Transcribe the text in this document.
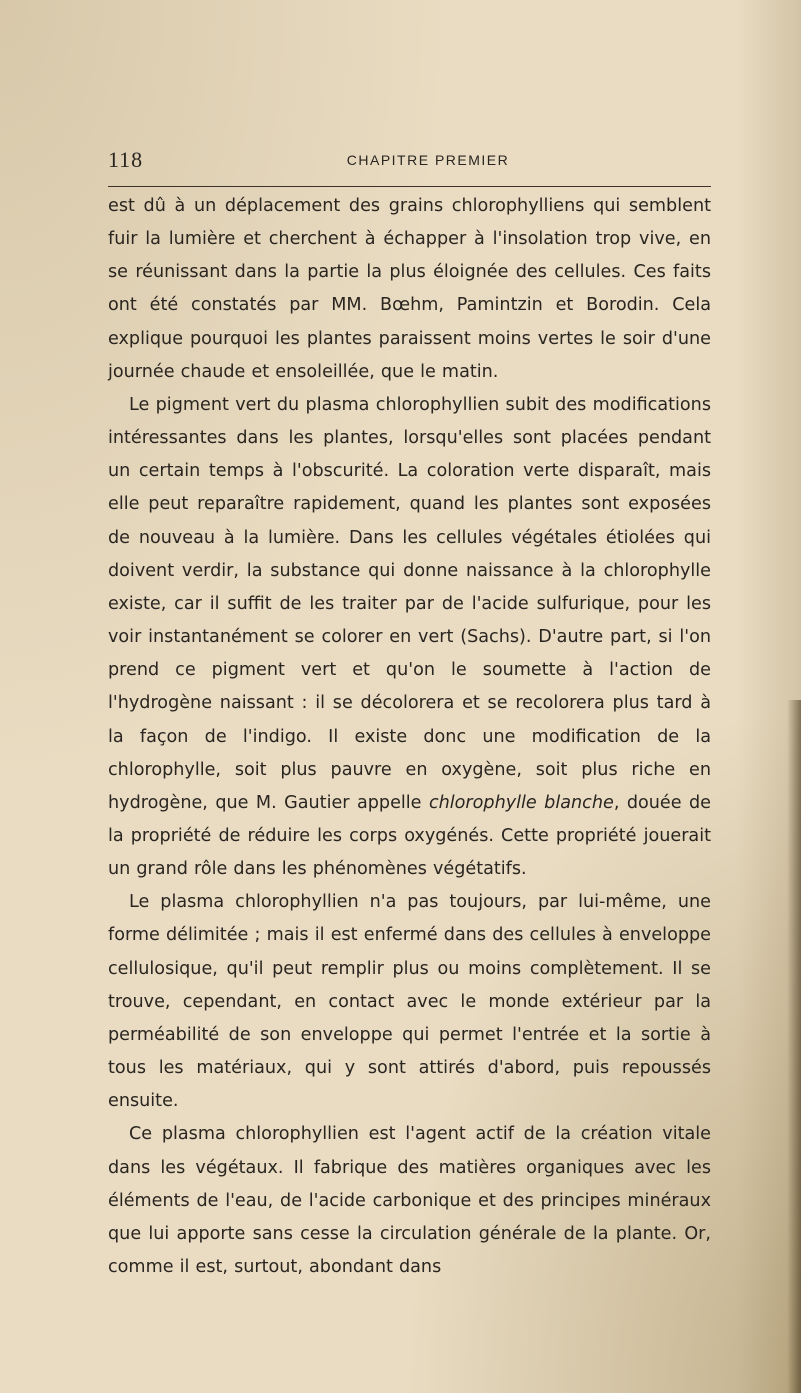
118	CHAPITRE PREMIER

est dû à un déplacement des grains chlorophylliens qui semblent fuir la lumière et cherchent à échapper à l'insolation trop vive, en se réunissant dans la partie la plus éloignée des cellules. Ces faits ont été constatés par MM. Bœhm, Pamintzin et Borodin. Cela explique pourquoi les plantes paraissent moins vertes le soir d'une journée chaude et ensoleillée, que le matin.

Le pigment vert du plasma chlorophyllien subit des modifications intéressantes dans les plantes, lorsqu'elles sont placées pendant un certain temps à l'obscurité. La coloration verte disparaît, mais elle peut reparaître rapidement, quand les plantes sont exposées de nouveau à la lumière. Dans les cellules végétales étiolées qui doivent verdir, la substance qui donne naissance à la chlorophylle existe, car il suffit de les traiter par de l'acide sulfurique, pour les voir instantanément se colorer en vert (Sachs). D'autre part, si l'on prend ce pigment vert et qu'on le soumette à l'action de l'hydrogène naissant : il se décolorera et se recolorera plus tard à la façon de l'indigo. Il existe donc une modification de la chlorophylle, soit plus pauvre en oxygène, soit plus riche en hydrogène, que M. Gautier appelle chlorophylle blanche, douée de la propriété de réduire les corps oxygénés. Cette propriété jouerait un grand rôle dans les phénomènes végétatifs.

Le plasma chlorophyllien n'a pas toujours, par lui-même, une forme délimitée ; mais il est enfermé dans des cellules à enveloppe cellulosique, qu'il peut remplir plus ou moins complètement. Il se trouve, cependant, en contact avec le monde extérieur par la perméabilité de son enveloppe qui permet l'entrée et la sortie à tous les matériaux, qui y sont attirés d'abord, puis repoussés ensuite.

Ce plasma chlorophyllien est l'agent actif de la création vitale dans les végétaux. Il fabrique des matières organiques avec les éléments de l'eau, de l'acide carbonique et des principes minéraux que lui apporte sans cesse la circulation générale de la plante. Or, comme il est, surtout, abondant dans
